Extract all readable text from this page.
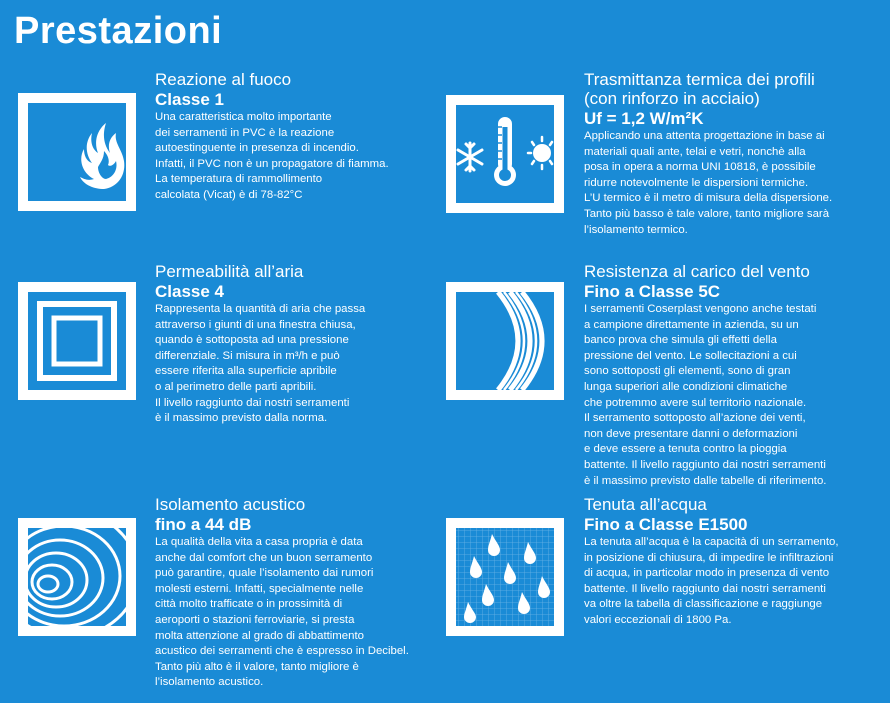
Prestazioni
Reazione al fuoco
Classe 1

Una caratteristica molto importante
dei serramenti in PVC è la reazione
autoestinguente in presenza di incendio.
Infatti, il PVC non è un propagatore di fiamma.
La temperatura di rammollimento
calcolata (Vicat) è di 78-82°C

Trasmittanza termica dei profili
(con rinforzo in acciaio)
Uf = 1,2 W/m²K

Applicando una attenta progettazione in base ai
materiali quali ante, telai e vetri, nonchè alla
posa in opera a norma UNI 10818, è possibile
ridurre notevolmente le dispersioni termiche.
L’U termico è il metro di misura della dispersione.
Tanto più basso è tale valore, tanto migliore sarà
l’isolamento termico.

Permeabilità all’aria
Classe 4

Rappresenta la quantità di aria che passa
attraverso i giunti di una finestra chiusa,
quando è sottoposta ad una pressione
differenziale. Si misura in m³/h e può
essere riferita alla superficie apribile
o al perimetro delle parti apribili.
Il livello raggiunto dai nostri serramenti
è il massimo previsto dalla norma.

Resistenza al carico del vento
Fino a Classe 5C

I serramenti Coserplast vengono anche testati
a campione direttamente in azienda, su un
banco prova che simula gli effetti della
pressione del vento. Le sollecitazioni a cui
sono sottoposti gli elementi, sono di gran
lunga superiori alle condizioni climatiche
che potremmo avere sul territorio nazionale.
Il serramento sottoposto all’azione dei venti,
non deve presentare danni o deformazioni
e deve essere a tenuta contro la pioggia
battente. Il livello raggiunto dai nostri serramenti
è il massimo previsto dalle tabelle di riferimento.

Isolamento acustico
fino a 44 dB

La qualità della vita a casa propria è data
anche dal comfort che un buon serramento
può garantire, quale l’isolamento dai rumori
molesti esterni. Infatti, specialmente nelle
città molto trafficate o in prossimità di
aeroporti o stazioni ferroviarie, si presta
molta attenzione al grado di abbattimento
acustico dei serramenti che è espresso in Decibel.
Tanto più alto è il valore, tanto migliore è
l’isolamento acustico.

Tenuta all’acqua
Fino a Classe E1500

La tenuta all’acqua è la capacità di un serramento,
in posizione di chiusura, di impedire le infiltrazioni
di acqua, in particolar modo in presenza di vento
battente. Il livello raggiunto dai nostri serramenti
va oltre la tabella di classificazione e raggiunge
valori eccezionali di 1800 Pa.
